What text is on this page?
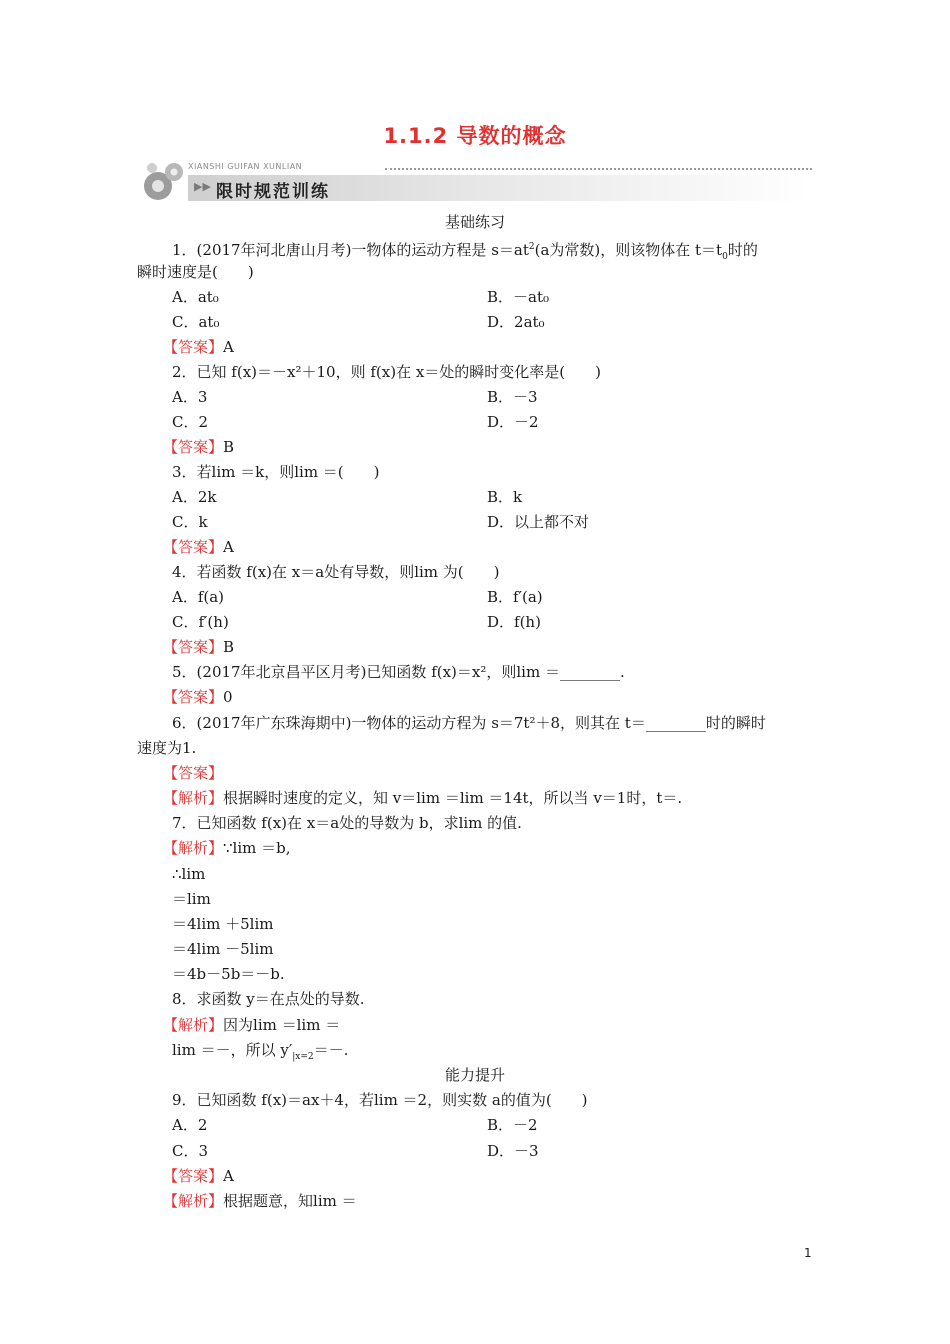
1.1.2 导数的概念
XIANSHI GUIFAN XUNLIAN
▶▶ 限时规范训练
基础练习
1．(2017年河北唐山月考)一物体的运动方程是 $s=at^2(a$为常数)，则该物体在 $t=t_0$时的
瞬时速度是(　　)
A．at₀	B．－at₀
C．at₀	D．2at₀
【答案】A
2．已知 f(x)＝－x²＋10，则 f(x)在 x＝处的瞬时变化率是(　　)
A．3	B．－3
C．2	D．－2
【答案】B
3．若lim ＝k，则lim ＝(　　)
A．2k	B．k
C．k	D．以上都不对
【答案】A
4．若函数 f(x)在 x＝a处有导数，则lim 为(　　)
A．f(a)	B．f′(a)
C．f′(h)	D．f(h)
【答案】B
5．(2017年北京昌平区月考)已知函数 f(x)＝x²，则lim ＝________.
【答案】0
6．(2017年广东珠海期中)一物体的运动方程为 s＝7t²＋8，则其在 t＝________时的瞬时
速度为1.
【答案】
【解析】根据瞬时速度的定义，知 v＝lim ＝lim ＝14t，所以当 v＝1时，t＝.
7．已知函数 f(x)在 x＝a处的导数为 b，求lim 的值.
【解析】∵lim ＝b,
∴lim
＝lim
＝4lim ＋5lim
＝4lim －5lim
＝4b－5b＝－b.
8．求函数 y＝在点处的导数.
【解析】因为lim ＝lim ＝
lim ＝－，所以 $y'_{|x=2}=-$.
能力提升
9．已知函数 f(x)＝ax＋4，若lim ＝2，则实数 a的值为(　　)
A．2	B．－2
C．3	D．－3
【答案】A
【解析】根据题意，知lim ＝
1
